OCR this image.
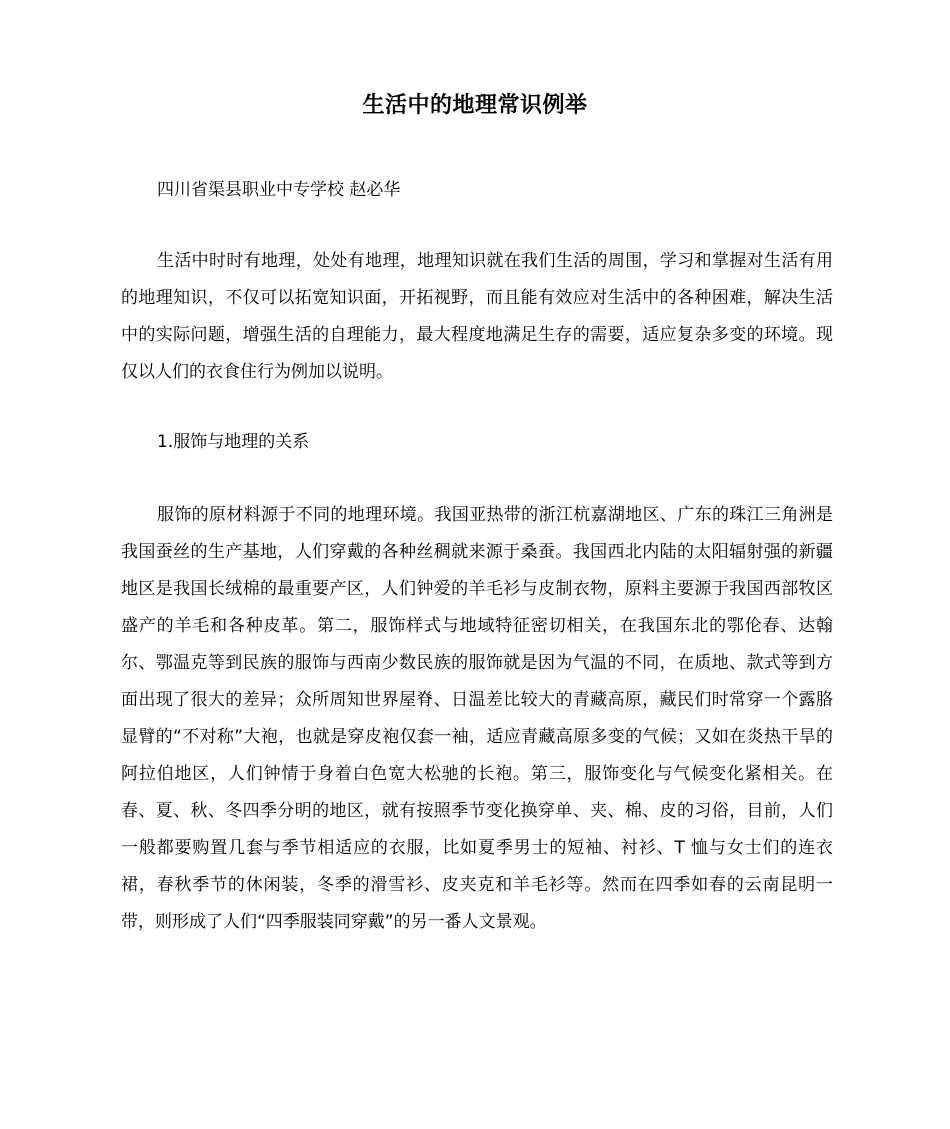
生活中的地理常识例举
四川省渠县职业中专学校 赵必华

生活中时时有地理，处处有地理，地理知识就在我们生活的周围，学习和掌握对生活有用的地理知识，不仅可以拓宽知识面，开拓视野，而且能有效应对生活中的各种困难，解决生活中的实际问题，增强生活的自理能力，最大程度地满足生存的需要，适应复杂多变的环境。现仅以人们的衣食住行为例加以说明。

1.服饰与地理的关系

服饰的原材料源于不同的地理环境。我国亚热带的浙江杭嘉湖地区、广东的珠江三角洲是我国蚕丝的生产基地，人们穿戴的各种丝稠就来源于桑蚕。我国西北内陆的太阳辐射强的新疆地区是我国长绒棉的最重要产区，人们钟爱的羊毛衫与皮制衣物，原料主要源于我国西部牧区盛产的羊毛和各种皮革。第二，服饰样式与地域特征密切相关，在我国东北的鄂伦春、达翰尔、鄂温克等到民族的服饰与西南少数民族的服饰就是因为气温的不同，在质地、款式等到方面出现了很大的差异；众所周知世界屋脊、日温差比较大的青藏高原，藏民们时常穿一个露胳显臂的“不对称”大袍，也就是穿皮袍仅套一袖，适应青藏高原多变的气候；又如在炎热干旱的阿拉伯地区，人们钟情于身着白色宽大松驰的长袍。第三，服饰变化与气候变化紧相关。在春、夏、秋、冬四季分明的地区，就有按照季节变化换穿单、夹、棉、皮的习俗，目前，人们一般都要购置几套与季节相适应的衣服，比如夏季男士的短袖、衬衫、T 恤与女士们的连衣裙，春秋季节的休闲装，冬季的滑雪衫、皮夹克和羊毛衫等。然而在四季如春的云南昆明一带，则形成了人们“四季服装同穿戴”的另一番人文景观。
